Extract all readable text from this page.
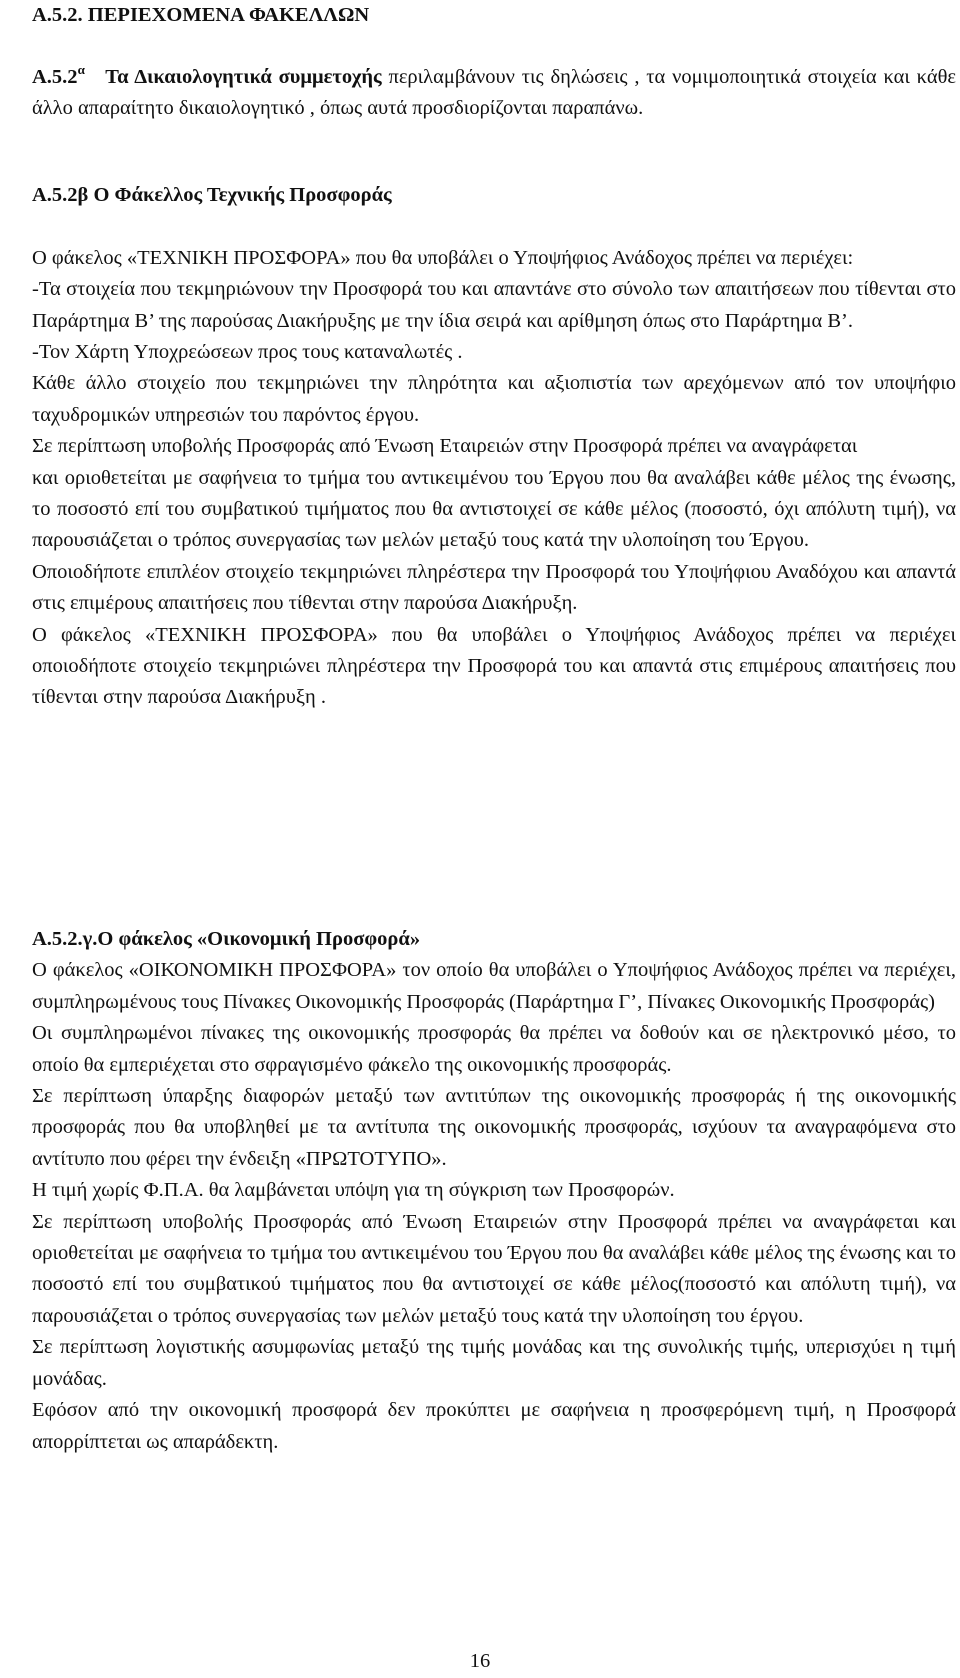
Α.5.2. ΠΕΡΙΕΧΟΜΕΝΑ ΦΑΚΕΛΛΩΝ
$A.5.2^\alpha$ Τα Δικαιολογητικά συμμετοχής περιλαμβάνουν τις δηλώσεις , τα νομιμοποιητικά στοιχεία και κάθε άλλο απαραίτητο δικαιολογητικό , όπως αυτά προσδιορίζονται παραπάνω.
Α.5.2β Ο Φάκελλος Τεχνικής Προσφοράς

Ο φάκελος «ΤΕΧΝΙΚΗ ΠΡΟΣΦΟΡΑ» που θα υποβάλει ο Υποψήφιος Ανάδοχος πρέπει να περιέχει:

-Τα στοιχεία που τεκμηριώνουν την Προσφορά του και απαντάνε στο σύνολο των απαιτήσεων που τίθενται στο Παράρτημα Β’ της παρούσας Διακήρυξης με την ίδια σειρά και αρίθμηση όπως στο Παράρτημα Β’.

-Τον Χάρτη Υποχρεώσεων προς τους καταναλωτές .

Κάθε άλλο στοιχείο που τεκμηριώνει την πληρότητα και αξιοπιστία των αρεχόμενων από τον υποψήφιο ταχυδρομικών υπηρεσιών του παρόντος έργου.

Σε περίπτωση υποβολής Προσφοράς από Ένωση Εταιρειών στην Προσφορά πρέπει να αναγράφεται

και οριοθετείται με σαφήνεια το τμήμα του αντικειμένου του Έργου που θα αναλάβει κάθε μέλος της ένωσης, το ποσοστό επί του συμβατικού τιμήματος που θα αντιστοιχεί σε κάθε μέλος (ποσοστό, όχι απόλυτη τιμή), να παρουσιάζεται ο τρόπος συνεργασίας των μελών μεταξύ τους κατά την υλοποίηση του Έργου.

Οποιοδήποτε επιπλέον στοιχείο τεκμηριώνει πληρέστερα την Προσφορά του Υποψήφιου Αναδόχου και απαντά στις επιμέρους απαιτήσεις που τίθενται στην παρούσα Διακήρυξη.

Ο φάκελος «ΤΕΧΝΙΚΗ ΠΡΟΣΦΟΡΑ» που θα υποβάλει ο Υποψήφιος Ανάδοχος πρέπει να περιέχει οποιοδήποτε στοιχείο τεκμηριώνει πληρέστερα την Προσφορά του και απαντά στις επιμέρους απαιτήσεις που τίθενται στην παρούσα Διακήρυξη .

Α.5.2.γ.Ο φάκελος «Οικονομική Προσφορά»

Ο φάκελος «ΟΙΚΟΝΟΜΙΚΗ ΠΡΟΣΦΟΡΑ» τον οποίο θα υποβάλει ο Υποψήφιος Ανάδοχος πρέπει να περιέχει, συμπληρωμένους τους Πίνακες Οικονομικής Προσφοράς (Παράρτημα Γ’, Πίνακες Οικονομικής Προσφοράς)

Οι συμπληρωμένοι πίνακες της οικονομικής προσφοράς θα πρέπει να δοθούν και σε ηλεκτρονικό μέσο, το οποίο θα εμπεριέχεται στο σφραγισμένο φάκελο της οικονομικής προσφοράς.

Σε περίπτωση ύπαρξης διαφορών μεταξύ των αντιτύπων της οικονομικής προσφοράς ή της οικονομικής προσφοράς που θα υποβληθεί με τα αντίτυπα της οικονομικής προσφοράς, ισχύουν τα αναγραφόμενα στο αντίτυπο που φέρει την ένδειξη «ΠΡΩΤΟΤΥΠΟ».

Η τιμή χωρίς Φ.Π.Α. θα λαμβάνεται υπόψη για τη σύγκριση των Προσφορών.

Σε περίπτωση υποβολής Προσφοράς από Ένωση Εταιρειών στην Προσφορά πρέπει να αναγράφεται και οριοθετείται με σαφήνεια το τμήμα του αντικειμένου του Έργου που θα αναλάβει κάθε μέλος της ένωσης και το ποσοστό επί του συμβατικού τιμήματος που θα αντιστοιχεί σε κάθε μέλος(ποσοστό και απόλυτη τιμή), να παρουσιάζεται ο τρόπος συνεργασίας των μελών μεταξύ τους κατά την υλοποίηση του έργου.

Σε περίπτωση λογιστικής ασυμφωνίας μεταξύ της τιμής μονάδας και της συνολικής τιμής, υπερισχύει η τιμή μονάδας.

Εφόσον από την οικονομική προσφορά δεν προκύπτει με σαφήνεια η προσφερόμενη τιμή, η Προσφορά απορρίπτεται ως απαράδεκτη.

16
